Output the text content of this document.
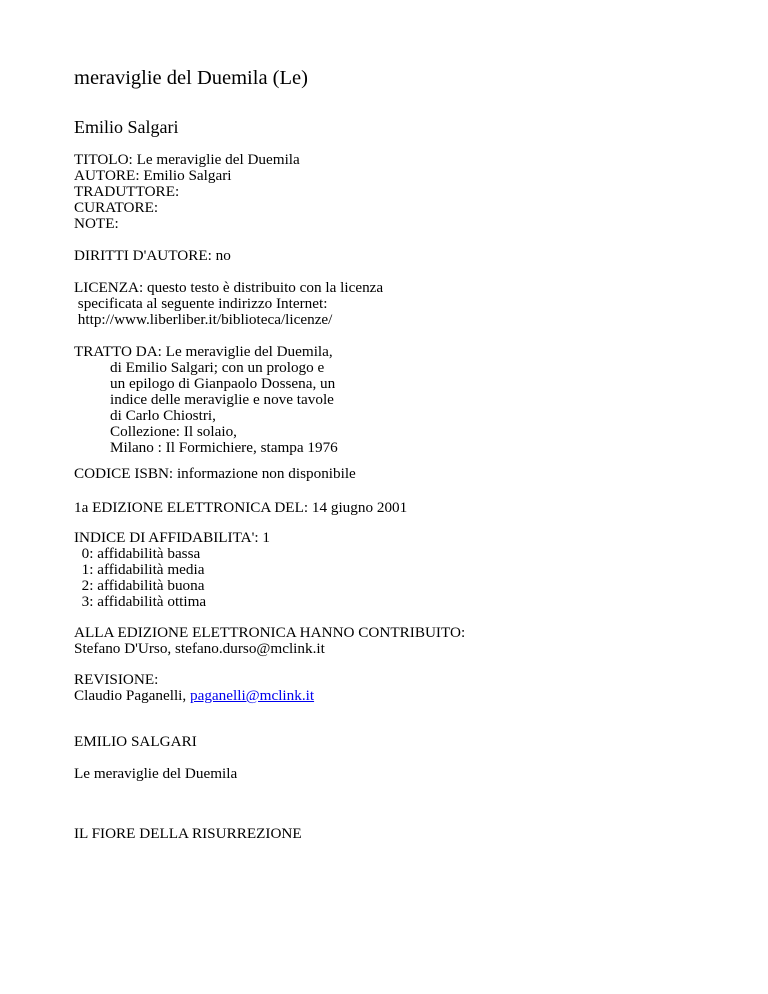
meraviglie del Duemila (Le)
Emilio Salgari
TITOLO: Le meraviglie del Duemila
AUTORE: Emilio Salgari
TRADUTTORE:
CURATORE:
NOTE:
DIRITTI D'AUTORE: no
LICENZA: questo testo è distribuito con la licenza
specificata al seguente indirizzo Internet:
http://www.liberliber.it/biblioteca/licenze/
TRATTO DA: Le meraviglie del Duemila,
di Emilio Salgari; con un prologo e
un epilogo di Gianpaolo Dossena, un
indice delle meraviglie e nove tavole
di Carlo Chiostri,
Collezione: Il solaio,
Milano : Il Formichiere, stampa 1976
CODICE ISBN: informazione non disponibile
1a EDIZIONE ELETTRONICA DEL: 14 giugno 2001
INDICE DI AFFIDABILITA': 1
0: affidabilità bassa
1: affidabilità media
2: affidabilità buona
3: affidabilità ottima
ALLA EDIZIONE ELETTRONICA HANNO CONTRIBUITO:
Stefano D'Urso, stefano.durso@mclink.it
REVISIONE:
Claudio Paganelli, paganelli@mclink.it
EMILIO SALGARI
Le meraviglie del Duemila
IL FIORE DELLA RISURREZIONE
